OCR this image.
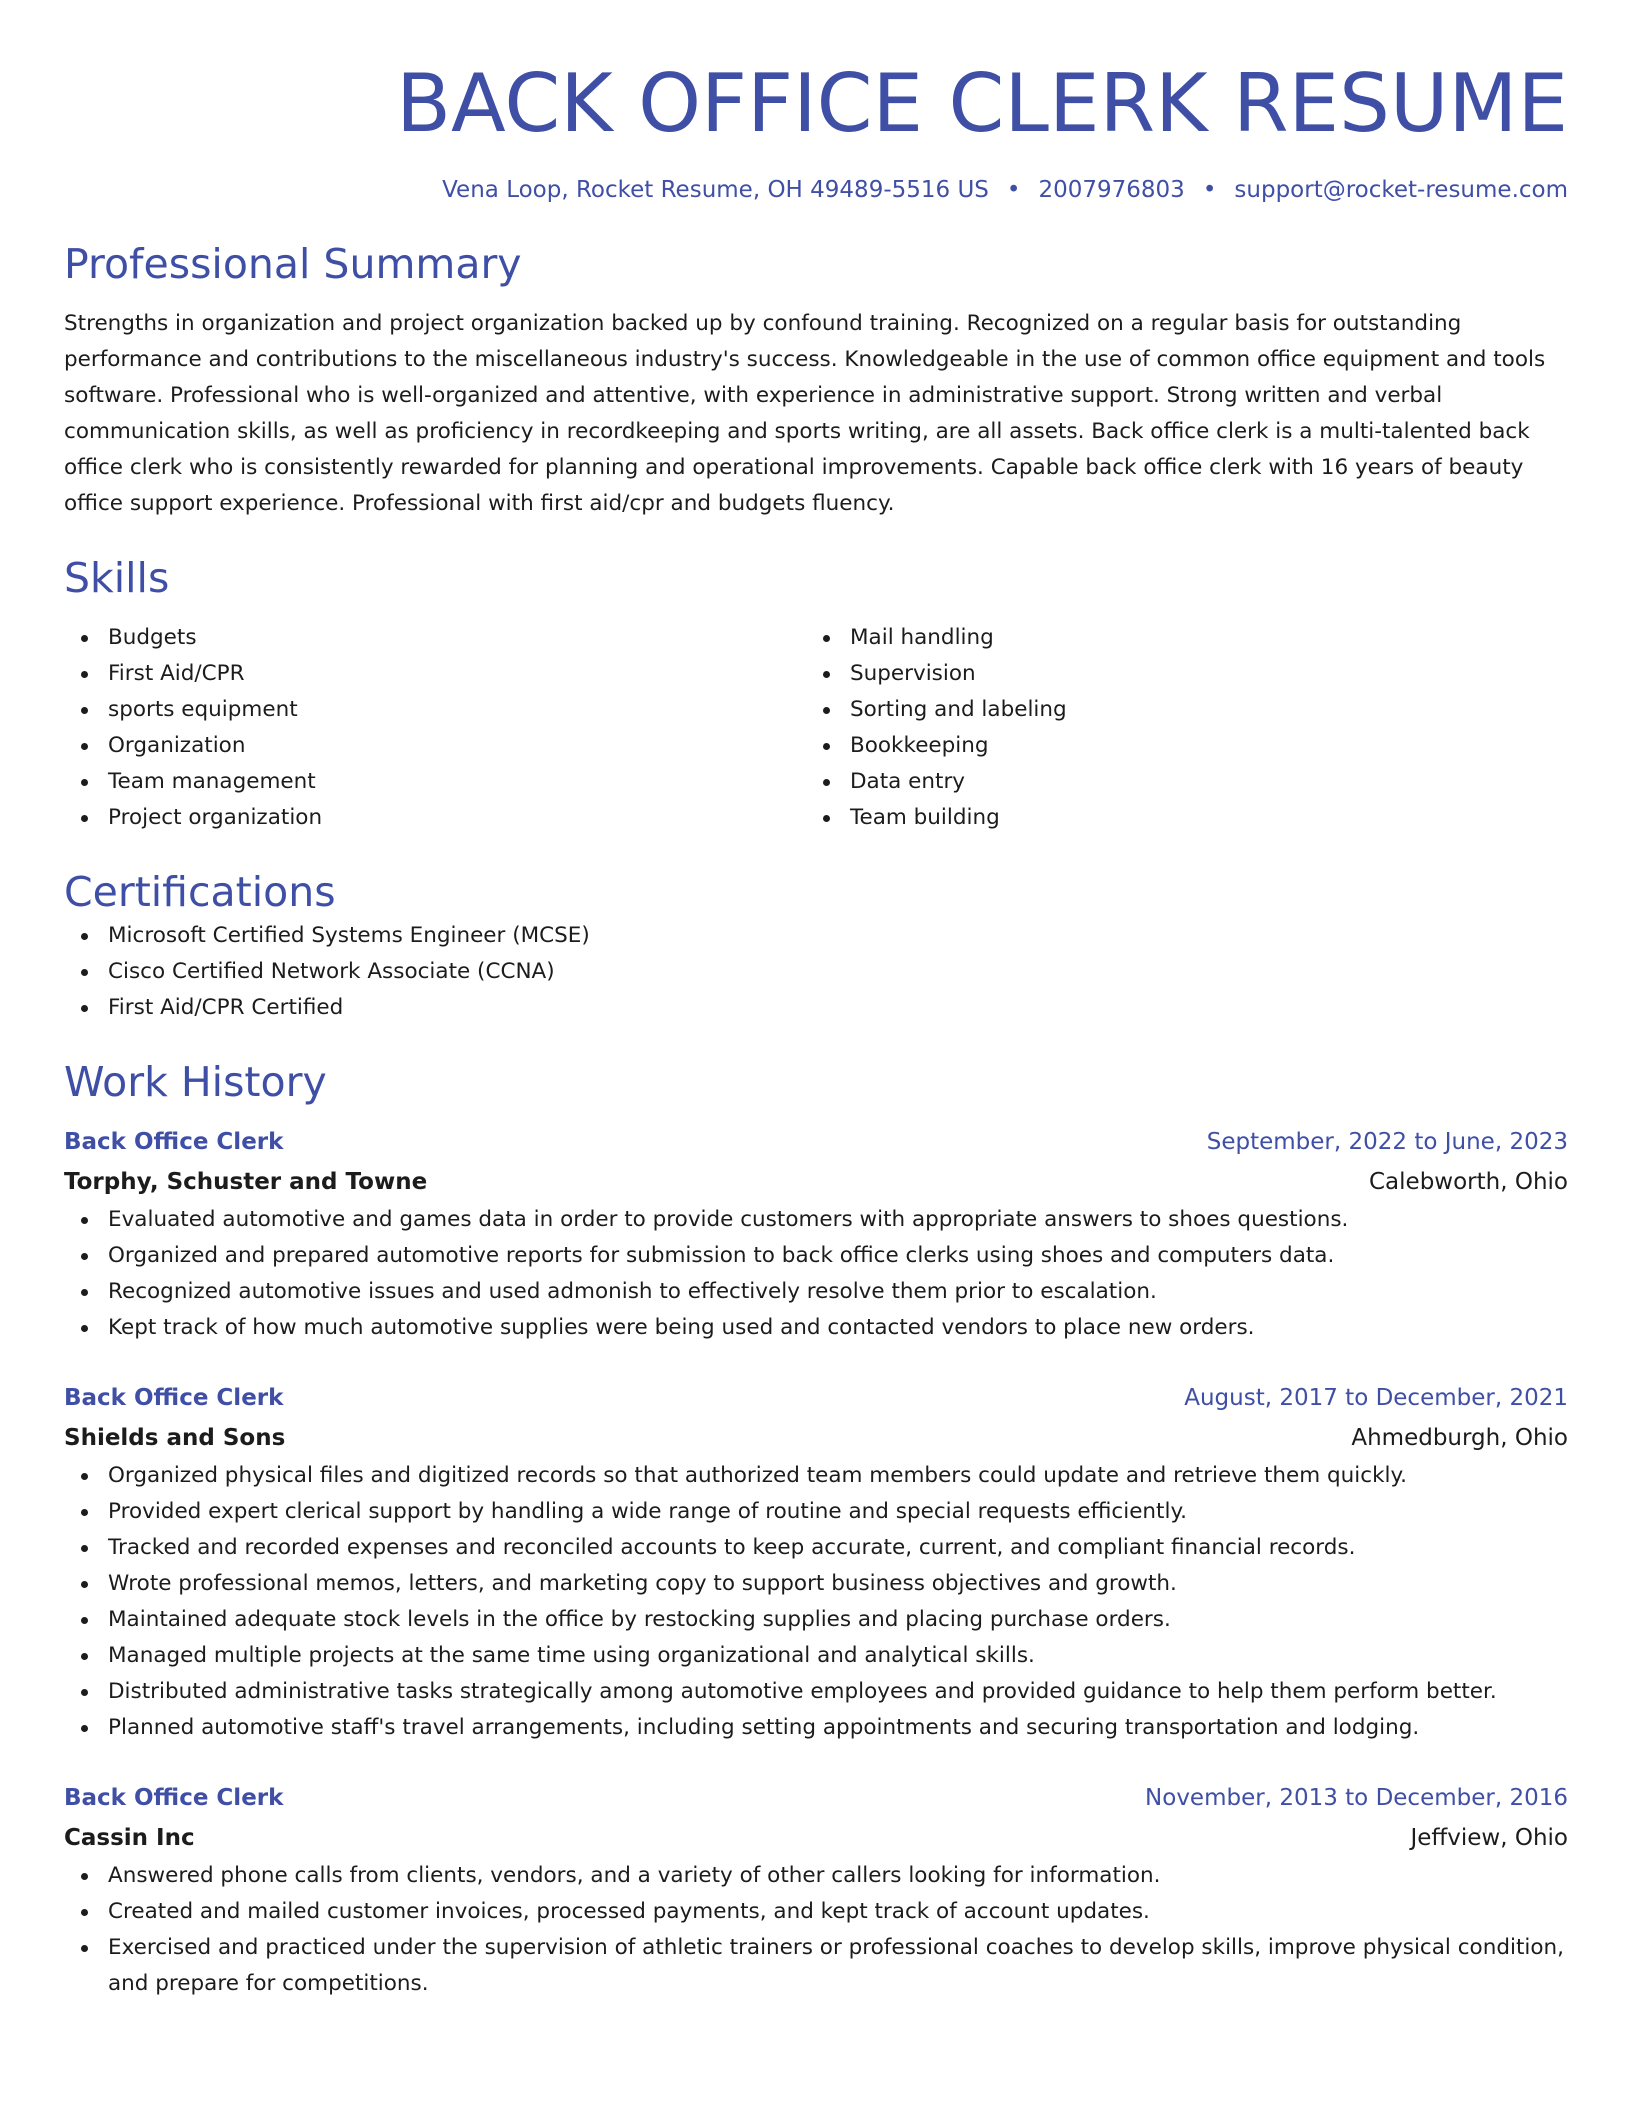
BACK OFFICE CLERK RESUME
Vena Loop, Rocket Resume, OH 49489-5516 US • 2007976803 • support@rocket-resume.com
Professional Summary
Strengths in organization and project organization backed up by confound training. Recognized on a regular basis for outstanding performance and contributions to the miscellaneous industry's success. Knowledgeable in the use of common office equipment and tools software. Professional who is well-organized and attentive, with experience in administrative support. Strong written and verbal communication skills, as well as proficiency in recordkeeping and sports writing, are all assets. Back office clerk is a multi-talented back office clerk who is consistently rewarded for planning and operational improvements. Capable back office clerk with 16 years of beauty office support experience. Professional with first aid/cpr and budgets fluency.
Skills
Budgets
First Aid/CPR
sports equipment
Organization
Team management
Project organization
Mail handling
Supervision
Sorting and labeling
Bookkeeping
Data entry
Team building
Certifications
Microsoft Certified Systems Engineer (MCSE)
Cisco Certified Network Associate (CCNA)
First Aid/CPR Certified
Work History
Back Office Clerk	September, 2022 to June, 2023
Torphy, Schuster and Towne	Calebworth, Ohio
Evaluated automotive and games data in order to provide customers with appropriate answers to shoes questions.
Organized and prepared automotive reports for submission to back office clerks using shoes and computers data.
Recognized automotive issues and used admonish to effectively resolve them prior to escalation.
Kept track of how much automotive supplies were being used and contacted vendors to place new orders.
Back Office Clerk	August, 2017 to December, 2021
Shields and Sons	Ahmedburgh, Ohio
Organized physical files and digitized records so that authorized team members could update and retrieve them quickly.
Provided expert clerical support by handling a wide range of routine and special requests efficiently.
Tracked and recorded expenses and reconciled accounts to keep accurate, current, and compliant financial records.
Wrote professional memos, letters, and marketing copy to support business objectives and growth.
Maintained adequate stock levels in the office by restocking supplies and placing purchase orders.
Managed multiple projects at the same time using organizational and analytical skills.
Distributed administrative tasks strategically among automotive employees and provided guidance to help them perform better.
Planned automotive staff's travel arrangements, including setting appointments and securing transportation and lodging.
Back Office Clerk	November, 2013 to December, 2016
Cassin Inc	Jeffview, Ohio
Answered phone calls from clients, vendors, and a variety of other callers looking for information.
Created and mailed customer invoices, processed payments, and kept track of account updates.
Exercised and practiced under the supervision of athletic trainers or professional coaches to develop skills, improve physical condition, and prepare for competitions.
